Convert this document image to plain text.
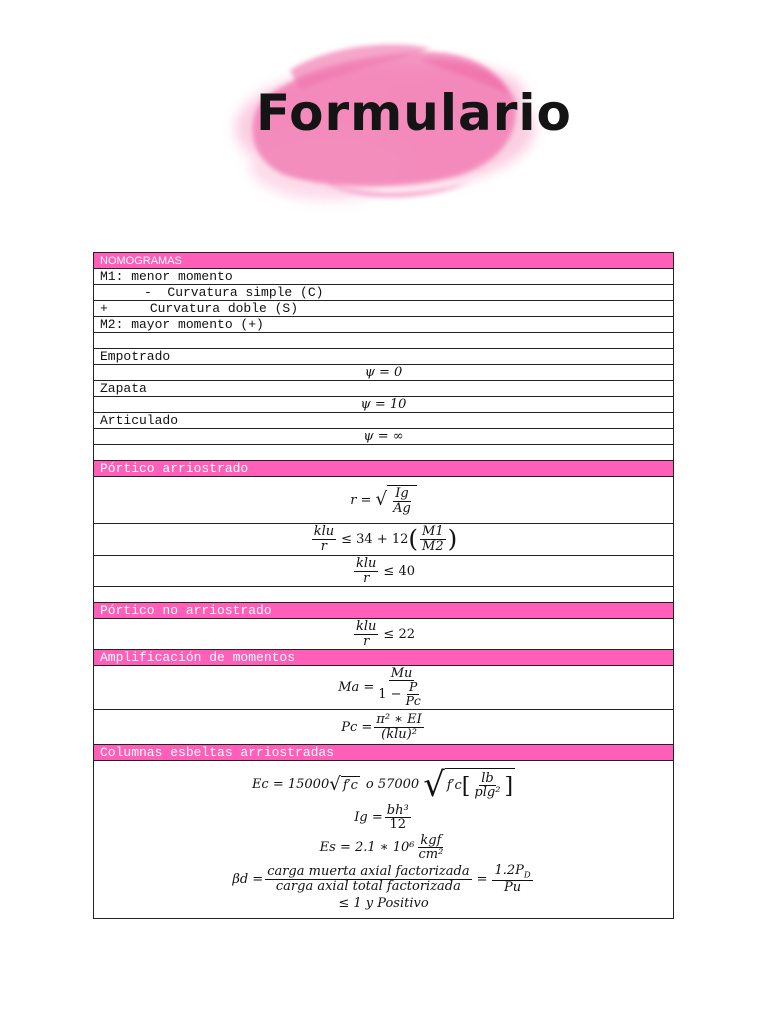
Formulario
NOMOGRAMAS
M1: menor momento
-  Curvatura simple (C)
+	Curvatura doble (S)
M2: mayor momento (+)
Empotrado
ψ = 0
Zapata
ψ = 10
Articulado
ψ = ∞
Pórtico arriostrado
r = √ $\frac{Ig}{Ag}$
$\frac{\text{klu}}{r} \le 34 + 12$ ( $\frac{M1}{M2}$ )
$\frac{\text{klu}}{r} \le 40$
Pórtico no arriostrado
$\frac{\text{klu}}{r} \le 22$
Amplificación de momentos
$Ma = \frac{Mu}{1 - \frac{P}{Pc}}$
$Pc = \frac{\text{π² ∗ EI}}{\text{(klu)²}}$
Columnas esbeltas arriostradas
Ec = 15000 √ f′c o 57000 √ f′c [ $\frac{lb}{\text{plg²}}$ ]
$Ig = \frac{\text{bh³}}{12}$
Es = 2.1 ∗ $10^6 \frac{\text{kgf}}{\text{cm²}}$
$\beta d = \frac{\text{carga muerta axial factorizada}}{\text{carga axial total factorizada}} = \frac{1.2P_D}{Pu}$
≤ 1 y Positivo
